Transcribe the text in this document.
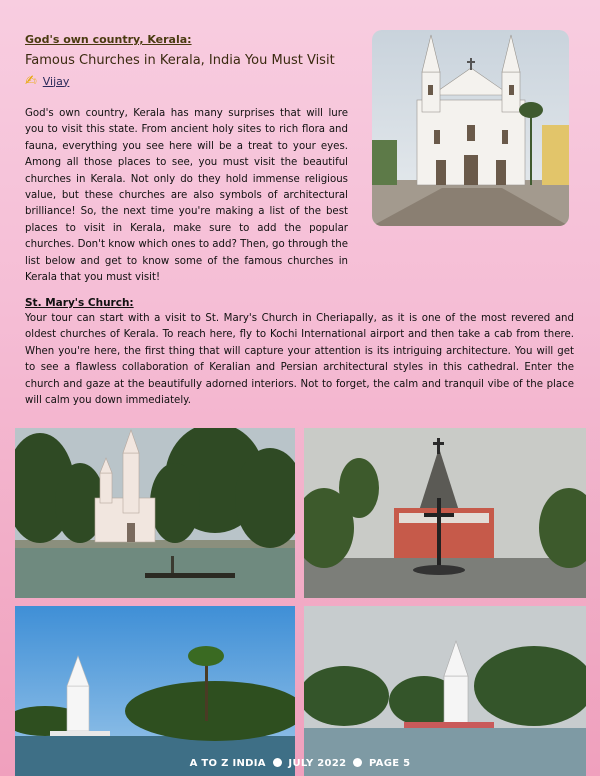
God's own country, Kerala:
Famous Churches in Kerala, India You Must Visit
✍ Vijay
God's own country, Kerala has many surprises that will lure you to visit this state. From ancient holy sites to rich flora and fauna, everything you see here will be a treat to your eyes. Among all those places to see, you must visit the beautiful churches in Kerala. Not only do they hold immense religious value, but these churches are also symbols of architectural brilliance! So, the next time you're making a list of the best places to visit in Kerala, make sure to add the popular churches. Don't know which ones to add? Then, go through the list below and get to know some of the famous churches in Kerala that you must visit!
St. Mary's Church:
Your tour can start with a visit to St. Mary's Church in Cheriapally, as it is one of the most revered and oldest churches of Kerala. To reach here, fly to Kochi International airport and then take a cab from there. When you're here, the first thing that will capture your attention is its intriguing architecture. You will get to see a flawless collaboration of Keralian and Persian architectural styles in this cathedral. Enter the church and gaze at the beautifully adorned interiors. Not to forget, the calm and tranquil vibe of the place will calm you down immediately.
A TO Z INDIA JULY 2022 PAGE 5
